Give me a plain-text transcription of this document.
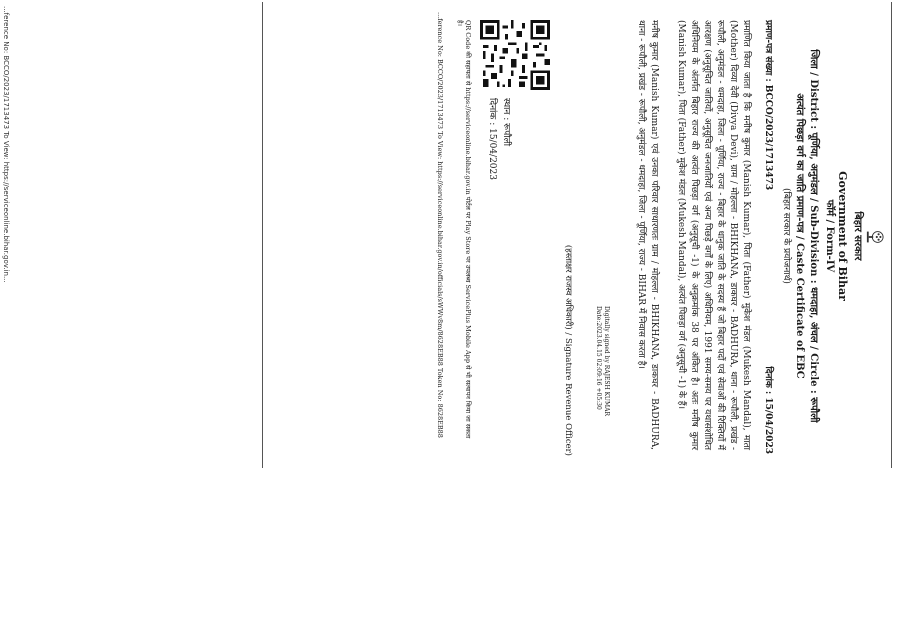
...ference No: BCCO/2023/1713473 To View: https://serviceonline.bihar.gov.in...	बिहार सरकार
Government of Bihar
फॉर्म / Form-IV
जिला / District : पूर्णिया, अनुमंडल / Sub-Division : धमदाहा, अंचल / Circle : रूपौली
अत्यंत पिछड़ा वर्ग का जाति प्रमाण-पत्र / Caste Certificate of EBC
(बिहार सरकार के प्रयोजनार्थ)
प्रमाण-पत्र संख्या : BCCO/2023/1713473
दिनांक : 15/04/2023
प्रमाणित किया जाता है कि मनीष कुमार (Manish Kumar), पिता (Father) मुकेश मंडल (Mukesh Mandal), माता (Mother) दिव्या देवी (Divya Devi), ग्राम / मोहल्ला - BHIKHANA, डाकघर - BADHURA, थाना - रूपौली, प्रखंड - रूपौली, अनुमंडल - धमदाहा, जिला - पूर्णिया, राज्य - बिहार के धानुक जाति के सदस्य हैं जो बिहार पदों एवं सेवाओं की रिक्तियों में आरक्षण (अनुसूचित जातियों, अनुसूचित जनजातियों एवं अन्य पिछड़े वर्गों के लिए) अधिनियम, 1991 समय-समय पर यथासंशोधित अधिनियम के अंतर्गत बिहार राज्य की अत्यंत पिछड़ा वर्ग (अनुसूची -1) के अनुक्रमांक 38 पर अंकित है। अतः मनीष कुमार (Manish Kumar), पिता (Father) मुकेश मंडल (Mukesh Mandal), अत्यंत पिछड़ा वर्ग (अनुसूची -1) के हैं।
मनीष कुमार (Manish Kumar) एवं उनका परिवार साधारणतः ग्राम / मोहल्ला - BHIKHANA, डाकघर - BADHURA, थाना - रूपौली, प्रखंड - रूपौली, अनुमंडल - धमदाहा, जिला - पूर्णिया, राज्य - BIHAR में निवास करता है।
Digitally signed by RAJESH KUMAR Date:2023.04.15 02:09:16 +05:30
(हस्ताक्षर राजस्व अधिकारी) / Signature Revenue Officer)
स्थान : रूपौली
दिनांक : 15/04/2023
QR Code की सहायता से https://serviceonline.bihar.gov.in पोर्टल पर Play Store पर उपलब्ध ServicePlus Mobile App से भी सत्यापन किया जा सकता है।
...ference No: BCCO/2023/1713473 To View: https://serviceonline.bihar.gov.in/officials/sWWv8m/8628EB88 Token No: 8628EB88
